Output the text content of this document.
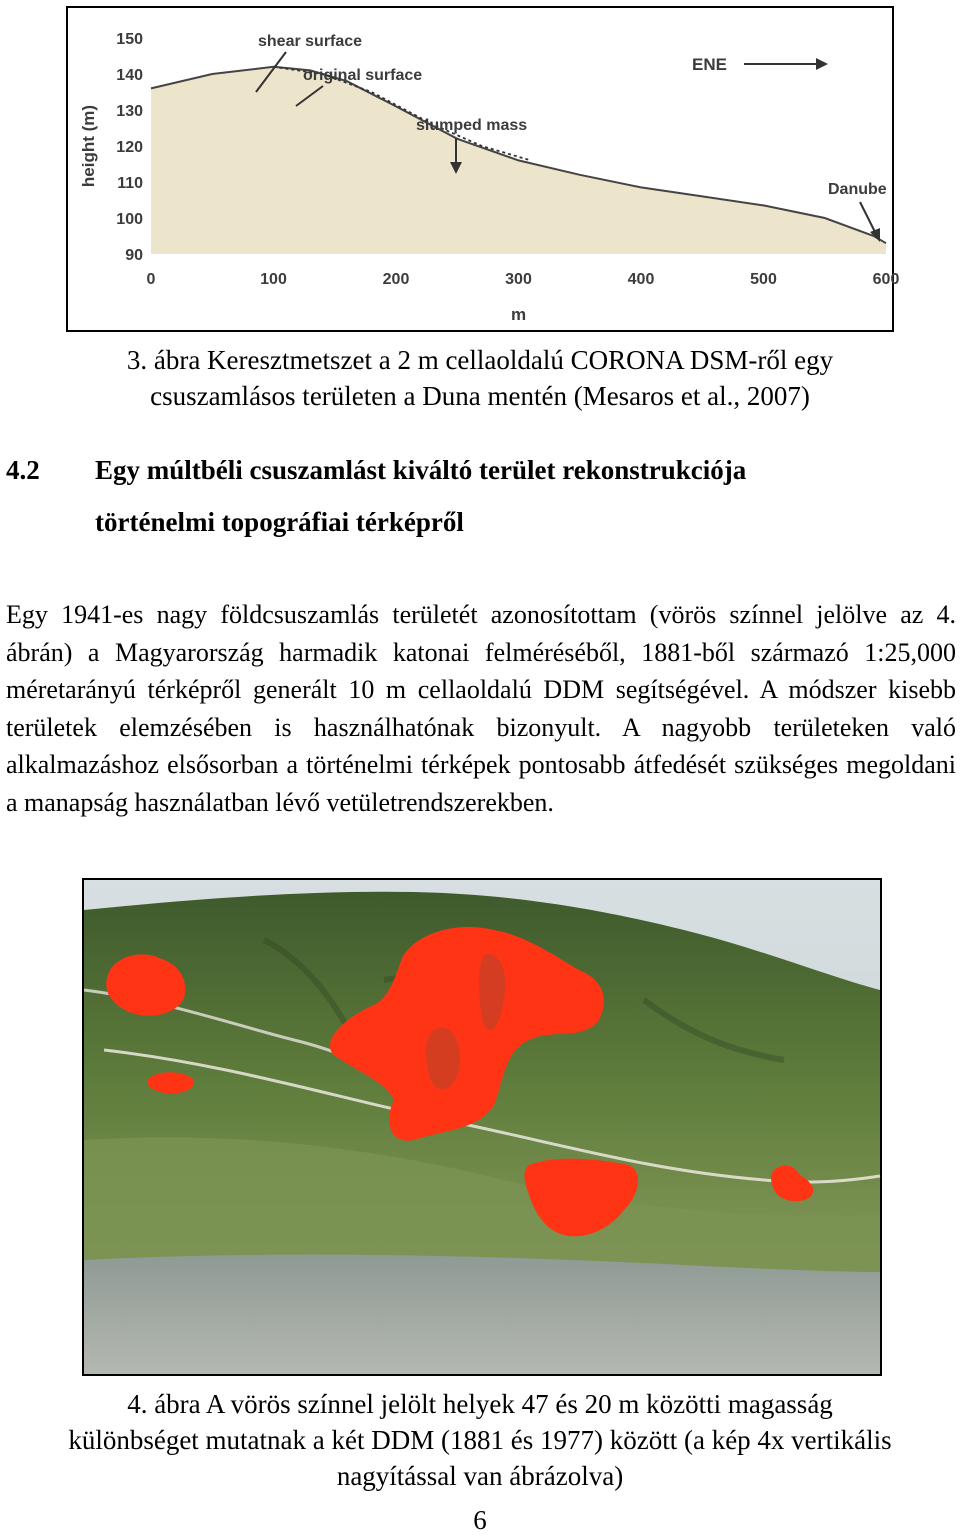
150
140
130
120
110
100
90
0	100	200	300	400	500	600
height (m)
m
shear surface
original surface
slumped mass
ENE
Danube
3. ábra Keresztmetszet a 2 m cellaoldalú CORONA DSM-ről egy
csuszamlásos területen a Duna mentén (Mesaros et al., 2007)
4.2 Egy múltbéli csuszamlást kiváltó terület rekonstrukciója
történelmi topográfiai térképről
Egy 1941-es nagy földcsuszamlás területét azonosítottam (vörös színnel jelölve az 4. ábrán) a Magyarország harmadik katonai felméréséből, 1881-ből származó 1:25,000 méretarányú térképről generált 10 m cellaoldalú DDM segítségével. A módszer kisebb területek elemzésében is használhatónak bizonyult. A nagyobb területeken való alkalmazáshoz elsősorban a történelmi térképek pontosabb átfedését szükséges megoldani a manapság használatban lévő vetületrendszerekben.
4. ábra A vörös színnel jelölt helyek 47 és 20 m közötti magasság
különbséget mutatnak a két DDM (1881 és 1977) között (a kép 4x vertikális
nagyítással van ábrázolva)
6
